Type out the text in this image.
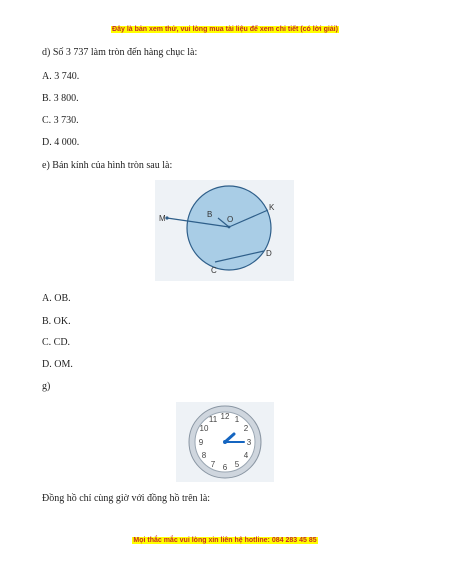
Đây là bản xem thử, vui lòng mua tài liệu để xem chi tiết (có lời giải)
d) Số 3 737 làm tròn đến hàng chục là:
A. 3 740.
B. 3 800.
C. 3 730.
D. 4 000.
e) Bán kính của hình tròn sau là:
M	B
O
K
D
C
A. OB.
B. OK.
C. CD.
D. OM.
g)
12 1
2
3
4
5
6
7
8
9
10
11
Đồng hồ chỉ cùng giờ với đồng hồ trên là:
Mọi thắc mắc vui lòng xin liên hệ hotline: 084 283 45 85
